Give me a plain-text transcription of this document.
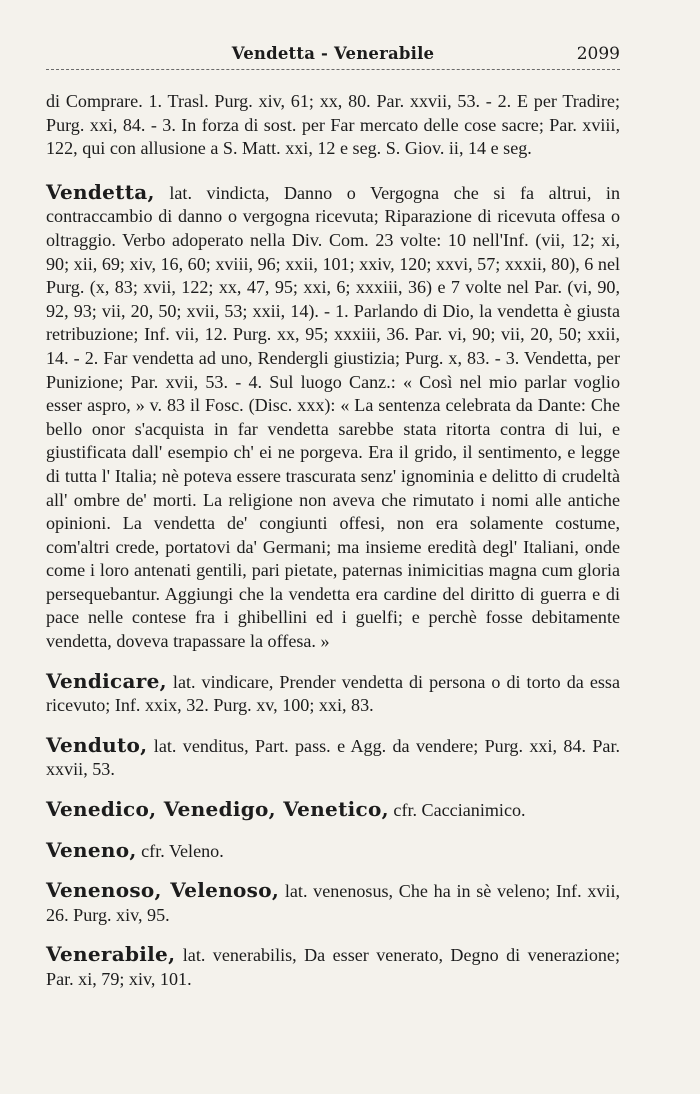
Vendetta - Venerabile	2099

di Comprare. 1. Trasl. Purg. xiv, 61; xx, 80. Par. xxvii, 53. - 2. E per Tradire; Purg. xxi, 84. - 3. In forza di sost. per Far mercato delle cose sacre; Par. xviii, 122, qui con allusione a S. Matt. xxi, 12 e seg. S. Giov. ii, 14 e seg.

Vendetta, lat. vindicta, Danno o Vergogna che si fa altrui, in contraccambio di danno o vergogna ricevuta; Riparazione di ricevuta offesa o oltraggio. Verbo adoperato nella Div. Com. 23 volte: 10 nell'Inf. (vii, 12; xi, 90; xii, 69; xiv, 16, 60; xviii, 96; xxii, 101; xxiv, 120; xxvi, 57; xxxii, 80), 6 nel Purg. (x, 83; xvii, 122; xx, 47, 95; xxi, 6; xxxiii, 36) e 7 volte nel Par. (vi, 90, 92, 93; vii, 20, 50; xvii, 53; xxii, 14). - 1. Parlando di Dio, la vendetta è giusta retribuzione; Inf. vii, 12. Purg. xx, 95; xxxiii, 36. Par. vi, 90; vii, 20, 50; xxii, 14. - 2. Far vendetta ad uno, Rendergli giustizia; Purg. x, 83. - 3. Vendetta, per Punizione; Par. xvii, 53. - 4. Sul luogo Canz.: « Così nel mio parlar voglio esser aspro, » v. 83 il Fosc. (Disc. xxx): « La sentenza celebrata da Dante: Che bello onor s'acquista in far vendetta sarebbe stata ritorta contra di lui, e giustificata dall' esempio ch' ei ne porgeva. Era il grido, il sentimento, e legge di tutta l' Italia; nè poteva essere trascurata senz' ignominia e delitto di crudeltà all' ombre de' morti. La religione non aveva che rimutato i nomi alle antiche opinioni. La vendetta de' congiunti offesi, non era solamente costume, com'altri crede, portatovi da' Germani; ma insieme eredità degl' Italiani, onde come i loro antenati gentili, pari pietate, paternas inimicitias magna cum gloria persequebantur. Aggiungi che la vendetta era cardine del diritto di guerra e di pace nelle contese fra i ghibellini ed i guelfi; e perchè fosse debitamente vendetta, doveva trapassare la offesa. »

Vendicare, lat. vindicare, Prender vendetta di persona o di torto da essa ricevuto; Inf. xxix, 32. Purg. xv, 100; xxi, 83.

Venduto, lat. venditus, Part. pass. e Agg. da vendere; Purg. xxi, 84. Par. xxvii, 53.

Venedico, Venedigo, Venetico, cfr. Caccianimico.

Veneno, cfr. Veleno.

Venenoso, Velenoso, lat. venenosus, Che ha in sè veleno; Inf. xvii, 26. Purg. xiv, 95.

Venerabile, lat. venerabilis, Da esser venerato, Degno di venerazione; Par. xi, 79; xiv, 101.
